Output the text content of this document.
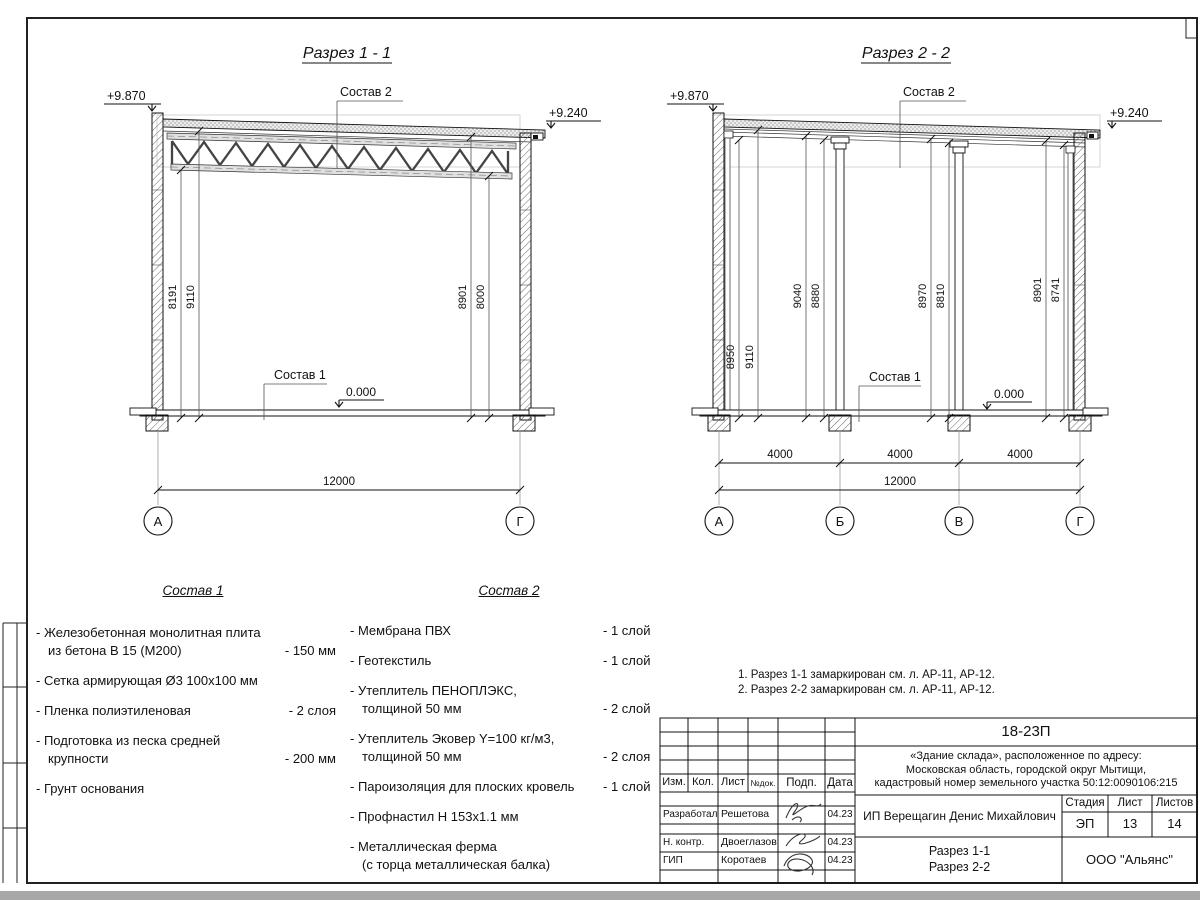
Разрез 1 - 1
+9.870
+9.240
Состав 2
Состав 1
0.000
8191 9110	8901 8000
12000
А	Г
Разрез 2 - 2
+9.870
+9.240
Состав 2
Состав 1
0.000
8950 9110
9040 8880	8970 8810	8901 8741
4000	4000	4000
12000
А	Б	В	Г
Состав 1
- Железобетонная монолитная плита
из бетона В 15 (М200)	- 150 мм
- Сетка армирующая Ø3 100х100 мм
- Пленка полиэтиленовая	- 2 слоя
- Подготовка из песка средней
крупности	- 200 мм
- Грунт основания
Состав 2
- Мембрана ПВХ	- 1 слой
- Геотекстиль	- 1 слой
- Утеплитель ПЕНОПЛЭКС,
толщиной 50 мм	- 2 слой
- Утеплитель Эковер Y=100 кг/м3,
толщиной 50 мм	- 2 слоя
- Пароизоляция для плоских кровель	- 1 слой
- Профнастил Н 153х1.1 мм
- Металлическая ферма
(с торца металлическая балка)
1. Разрез 1-1 замаркирован см. л. АР-11, АР-12.
2. Разрез 2-2 замаркирован см. л. АР-11, АР-12.
Изм. Кол. Лист №док. Подп. Дата
Разработал Решетова	04.23
Н. контр.	Двоеглазов	04.23
ГИП	Коротаев	04.23
18-23П
«Здание склада», расположенное по адресу:
Московская область, городской округ Мытищи,
кадастровый номер земельного участка 50:12:0090106:215
ИП Верещагин Денис Михайлович
Стадия	Лист	Листов
ЭП	13	14
Разрез 1-1
Разрез 2-2
ООО "Альянс"
